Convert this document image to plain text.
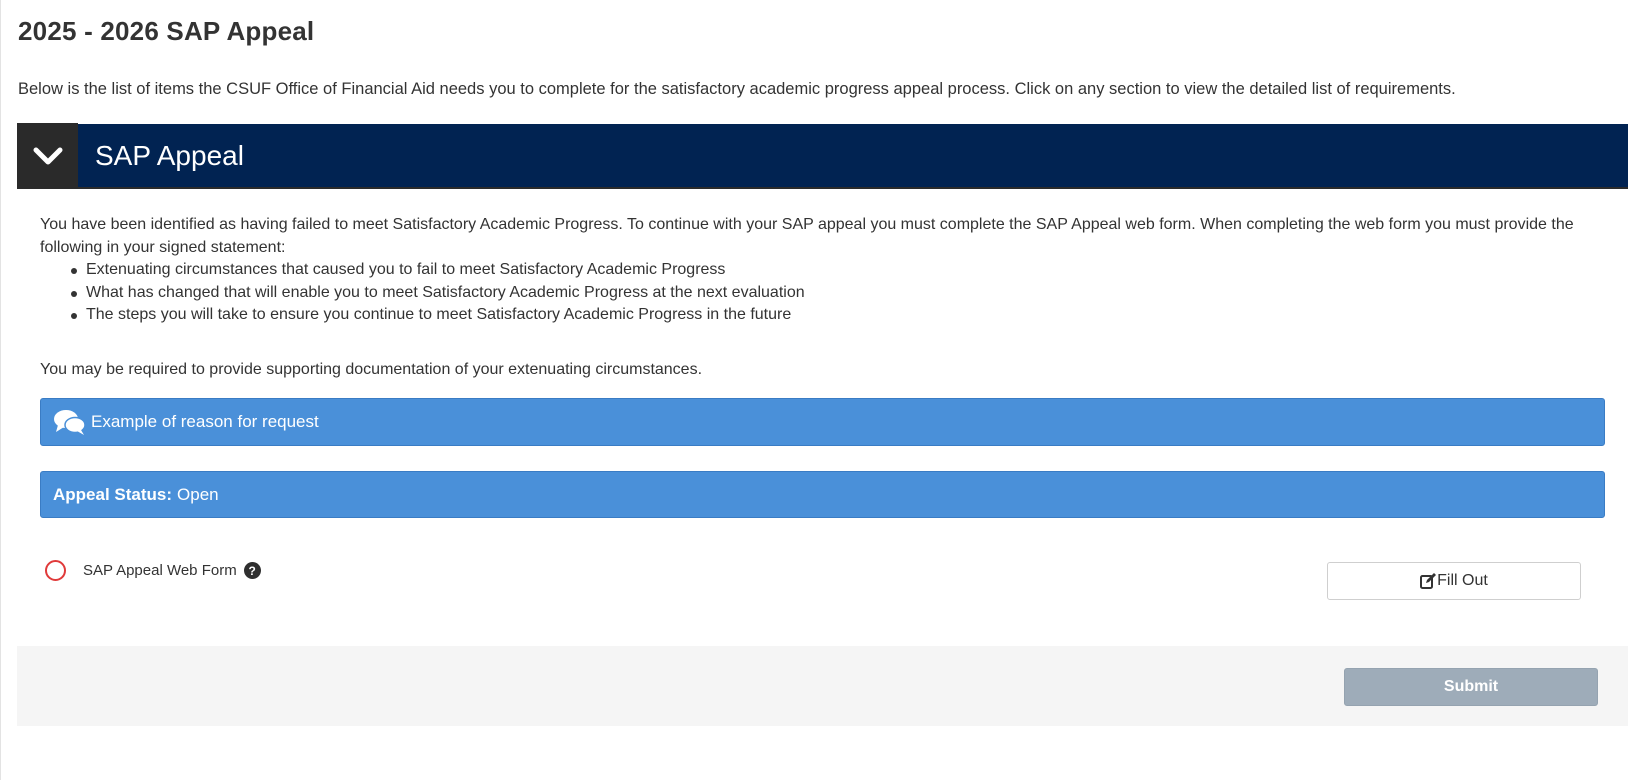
2025 - 2026 SAP Appeal

Below is the list of items the CSUF Office of Financial Aid needs you to complete for the satisfactory academic progress appeal process. Click on any section to view the detailed list of requirements.

SAP Appeal

You have been identified as having failed to meet Satisfactory Academic Progress. To continue with your SAP appeal you must complete the SAP Appeal web form. When completing the web form you must provide the following in your signed statement:

Extenuating circumstances that caused you to fail to meet Satisfactory Academic Progress
What has changed that will enable you to meet Satisfactory Academic Progress at the next evaluation
The steps you will take to ensure you continue to meet Satisfactory Academic Progress in the future

You may be required to provide supporting documentation of your extenuating circumstances.

Example of reason for request
Appeal Status: Open
SAP Appeal Web Form ?
Fill Out
Submit
